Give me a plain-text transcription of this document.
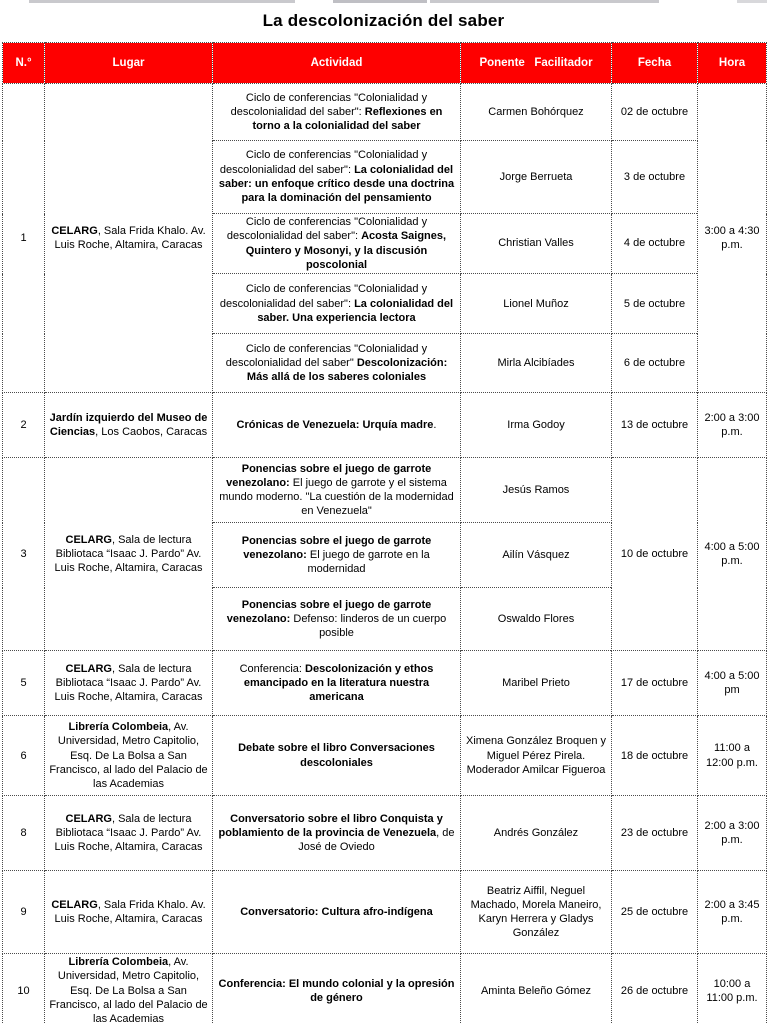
La descolonización del saber
N.°	Lugar	Actividad	Ponente   Facilitador	Fecha	Hora
1	CELARG, Sala Frida Khalo. Av. Luis Roche, Altamira, Caracas	Ciclo de conferencias "Colonialidad y descolonialidad del saber": Reflexiones en torno a la colonialidad del saber	Carmen Bohórquez	02 de octubre	3:00 a 4:30 p.m.
		Ciclo de conferencias "Colonialidad y descolonialidad del saber": La colonialidad del saber: un enfoque crítico desde una doctrina para la dominación del pensamiento	Jorge Berrueta	3 de octubre	
		Ciclo de conferencias "Colonialidad y descolonialidad del saber": Acosta Saignes, Quintero y Mosonyi, y la discusión poscolonial	Christian Valles	4 de octubre	
		Ciclo de conferencias "Colonialidad y descolonialidad del saber": La colonialidad del saber. Una experiencia lectora	Lionel Muñoz	5 de octubre	
		Ciclo de conferencias "Colonialidad y descolonialidad del saber" Descolonización: Más allá de los saberes coloniales	Mirla Alcibíades	6 de octubre	
2	Jardín izquierdo del Museo de Ciencias, Los Caobos, Caracas	Crónicas de Venezuela: Urquía madre.	Irma Godoy	13 de octubre	2:00 a 3:00 p.m.
3	CELARG, Sala de lectura Bibliotaca “Isaac J. Pardo” Av. Luis Roche, Altamira, Caracas	Ponencias sobre el juego de garrote venezolano: El juego de garrote y el sistema mundo moderno. "La cuestión de la modernidad en Venezuela"	Jesús Ramos	10 de octubre	4:00 a 5:00 p.m.
		Ponencias sobre el juego de garrote venezolano: El juego de garrote en la modernidad	Ailín Vásquez		
		Ponencias sobre el juego de garrote venezolano: Defenso: linderos de un cuerpo posible	Oswaldo Flores		
5	CELARG, Sala de lectura Bibliotaca “Isaac J. Pardo” Av. Luis Roche, Altamira, Caracas	Conferencia: Descolonización y ethos emancipado en la literatura nuestra americana	Maribel Prieto	17 de octubre	4:00 a 5:00 pm
6	Librería Colombeia, Av. Universidad, Metro Capitolio, Esq. De La Bolsa a San Francisco, al lado del Palacio de las Academias	Debate sobre el libro Conversaciones descoloniales	Ximena González Broquen y Miguel Pérez Pirela. Moderador Amilcar Figueroa	18 de octubre	11:00 a 12:00 p.m.
8	CELARG, Sala de lectura Bibliotaca “Isaac J. Pardo” Av. Luis Roche, Altamira, Caracas	Conversatorio sobre el libro Conquista y poblamiento de la provincia de Venezuela, de José de Oviedo	Andrés González	23 de octubre	2:00 a 3:00 p.m.
9	CELARG, Sala Frida Khalo. Av. Luis Roche, Altamira, Caracas	Conversatorio: Cultura afro-indígena	Beatriz Aiffil, Neguel Machado, Morela Maneiro, Karyn Herrera y Gladys González	25 de octubre	2:00 a 3:45 p.m.
10	Librería Colombeia, Av. Universidad, Metro Capitolio, Esq. De La Bolsa a San Francisco, al lado del Palacio de las Academias	Conferencia: El mundo colonial y la opresión de género	Aminta Beleño Gómez	26 de octubre	10:00 a 11:00 p.m.
